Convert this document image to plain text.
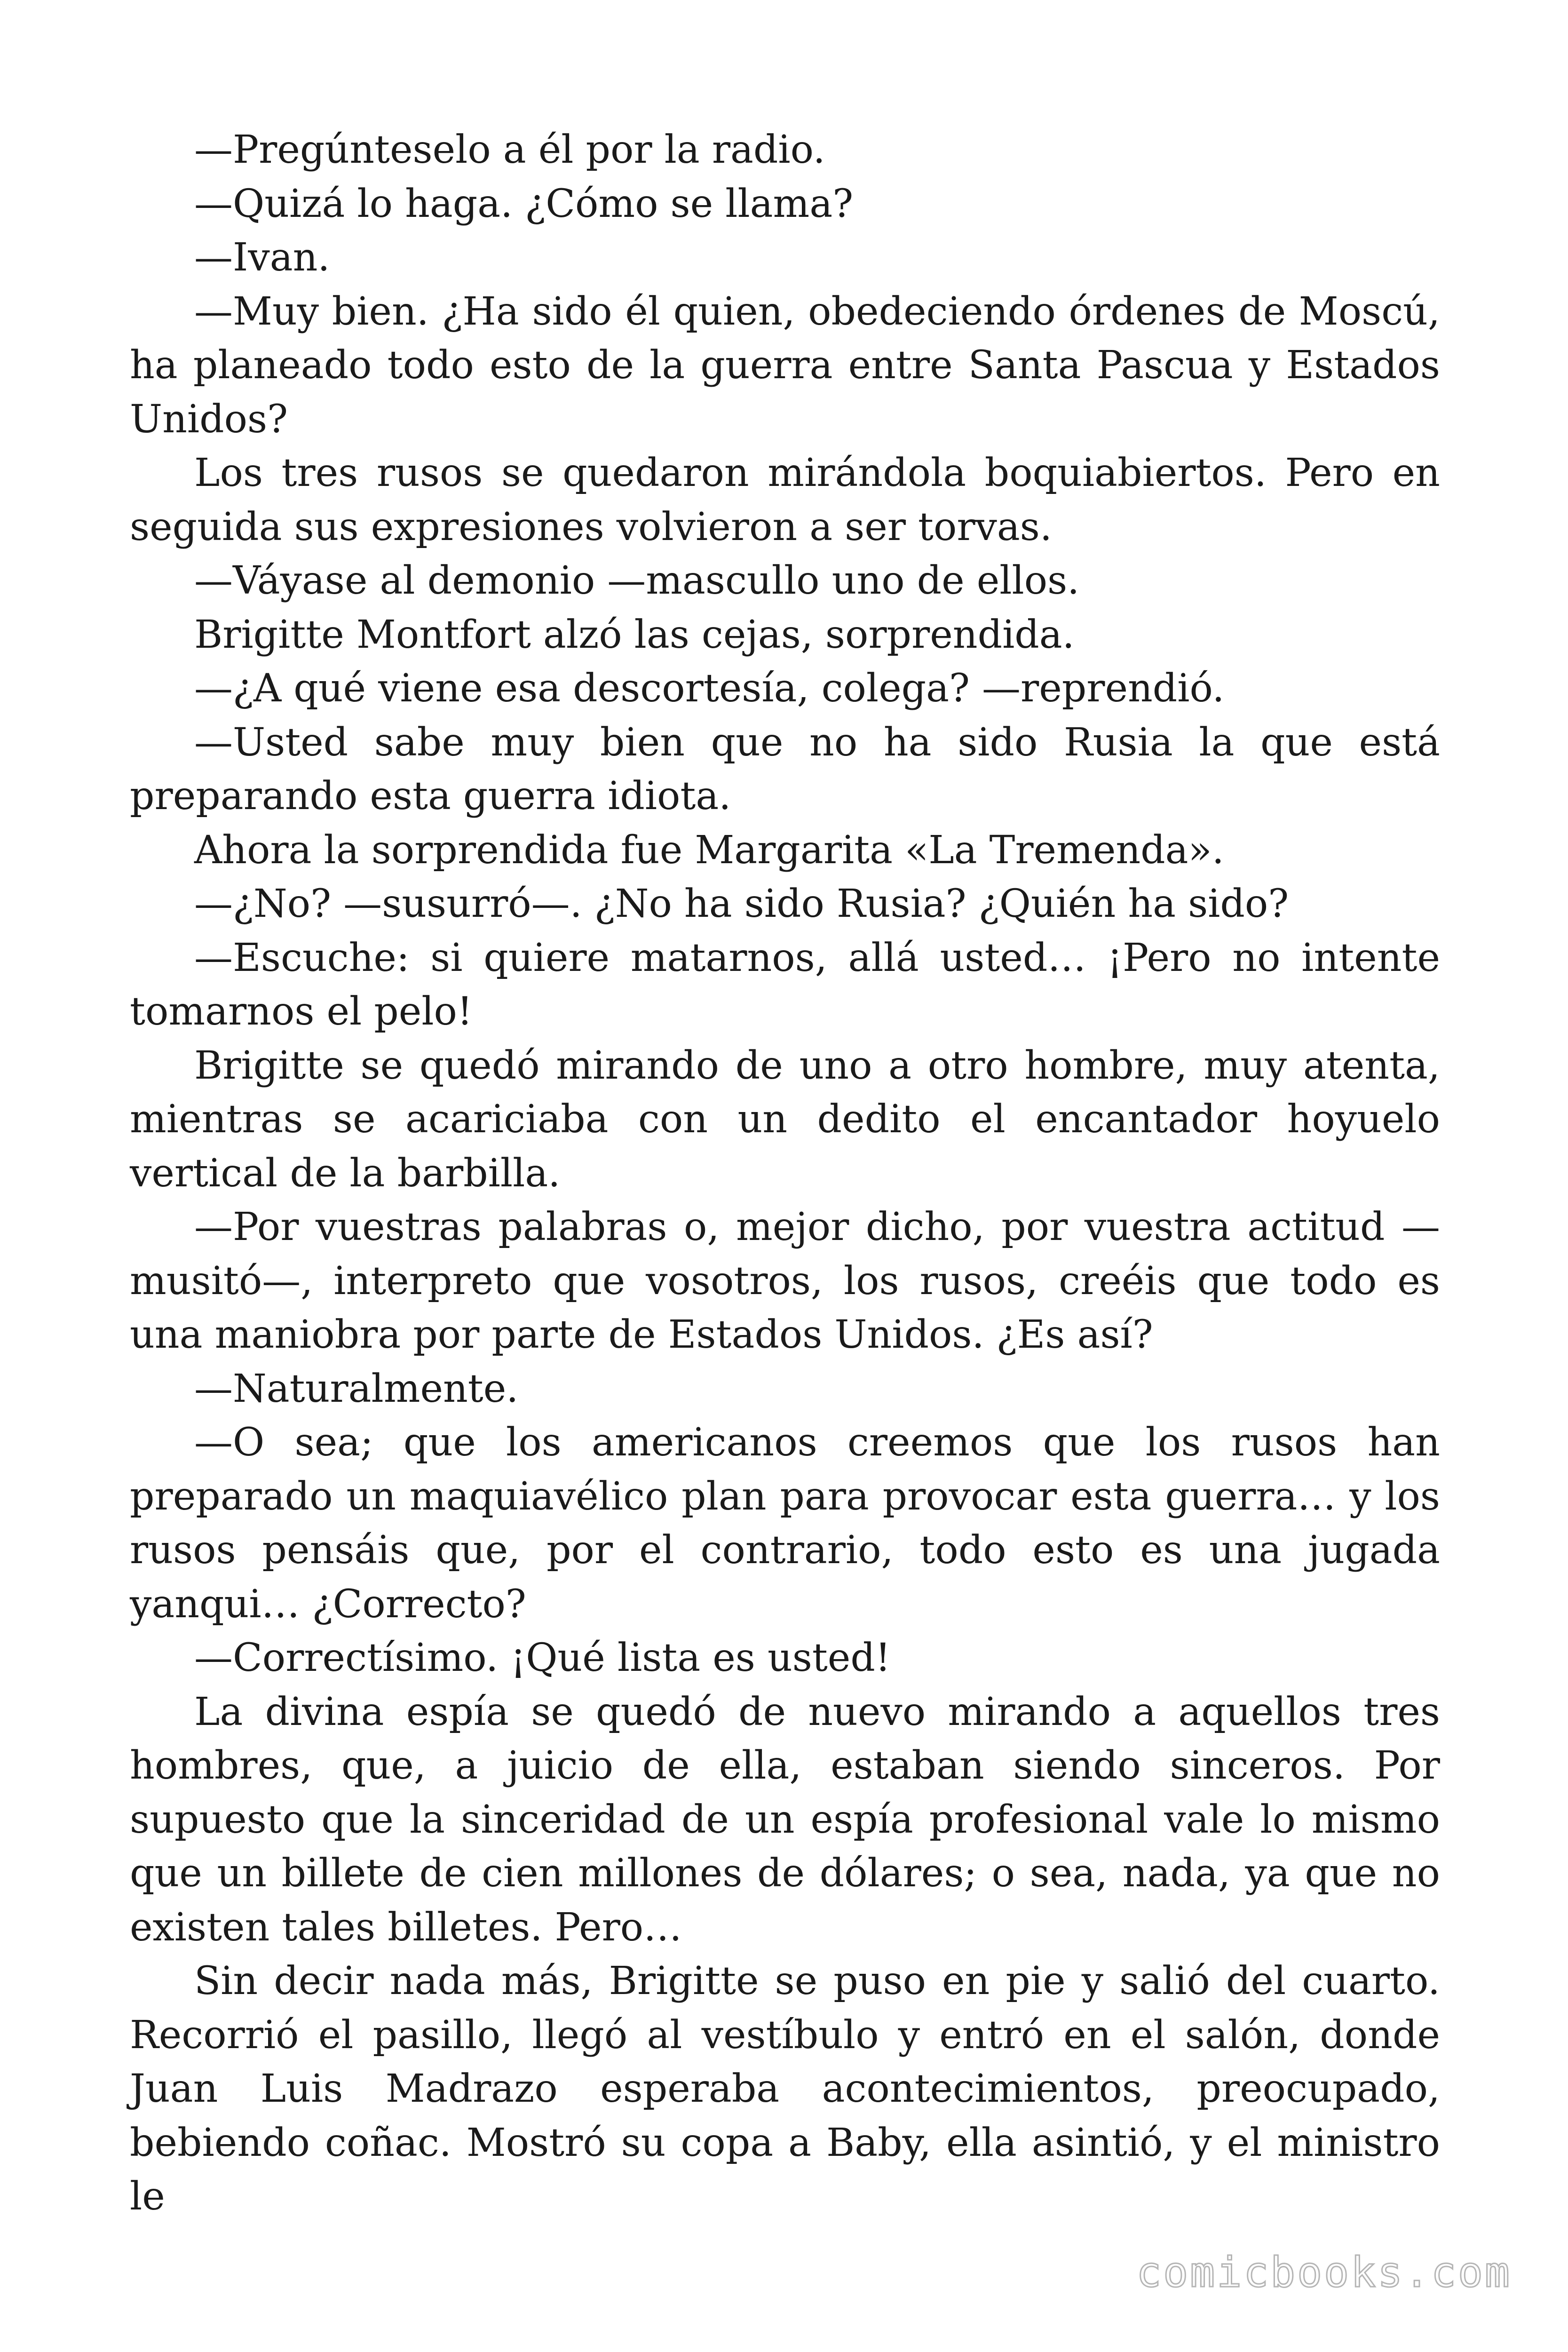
—Pregúnteselo a él por la radio.

—Quizá lo haga. ¿Cómo se llama?

—Ivan.

—Muy bien. ¿Ha sido él quien, obedeciendo órdenes de Moscú, ha planeado todo esto de la guerra entre Santa Pascua y Estados Unidos?

Los tres rusos se quedaron mirándola boquiabiertos. Pero en seguida sus expresiones volvieron a ser torvas.

—Váyase al demonio —mascullo uno de ellos.

Brigitte Montfort alzó las cejas, sorprendida.

—¿A qué viene esa descortesía, colega? —reprendió.

—Usted sabe muy bien que no ha sido Rusia la que está preparando esta guerra idiota.

Ahora la sorprendida fue Margarita «La Tremenda».

—¿No? —susurró—. ¿No ha sido Rusia? ¿Quién ha sido?

—Escuche: si quiere matarnos, allá usted… ¡Pero no intente tomarnos el pelo!

Brigitte se quedó mirando de uno a otro hombre, muy atenta, mientras se acariciaba con un dedito el encantador hoyuelo vertical de la barbilla.

—Por vuestras palabras o, mejor dicho, por vuestra actitud — musitó—, interpreto que vosotros, los rusos, creéis que todo es una maniobra por parte de Estados Unidos. ¿Es así?

—Naturalmente.

—O sea; que los americanos creemos que los rusos han preparado un maquiavélico plan para provocar esta guerra… y los rusos pensáis que, por el contrario, todo esto es una jugada yanqui… ¿Correcto?

—Correctísimo. ¡Qué lista es usted!

La divina espía se quedó de nuevo mirando a aquellos tres hombres, que, a juicio de ella, estaban siendo sinceros. Por supuesto que la sinceridad de un espía profesional vale lo mismo que un billete de cien millones de dólares; o sea, nada, ya que no existen tales billetes. Pero…

Sin decir nada más, Brigitte se puso en pie y salió del cuarto. Recorrió el pasillo, llegó al vestíbulo y entró en el salón, donde Juan Luis Madrazo esperaba acontecimientos, preocupado, bebiendo coñac. Mostró su copa a Baby, ella asintió, y el ministro le

comicbooks.com
